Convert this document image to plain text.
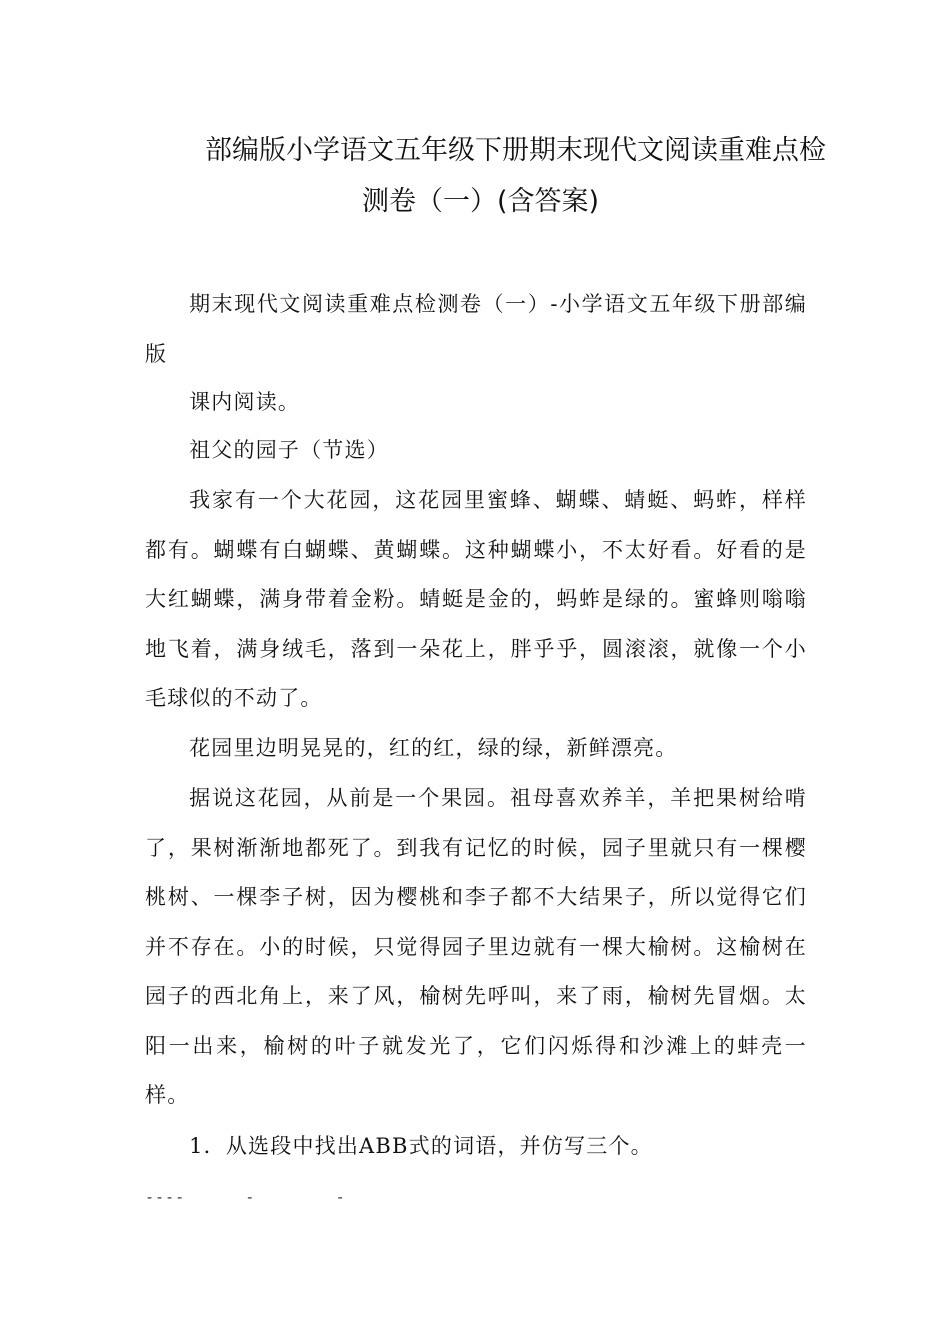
部编版小学语文五年级下册期末现代文阅读重难点检
测卷（一）(含答案)

期末现代文阅读重难点检测卷（一）-小学语文五年级下册部编版

课内阅读。

祖父的园子（节选）

我家有一个大花园，这花园里蜜蜂、蝴蝶、蜻蜓、蚂蚱，样样都有。蝴蝶有白蝴蝶、黄蝴蝶。这种蝴蝶小，不太好看。好看的是大红蝴蝶，满身带着金粉。蜻蜓是金的，蚂蚱是绿的。蜜蜂则嗡嗡地飞着，满身绒毛，落到一朵花上，胖乎乎，圆滚滚，就像一个小毛球似的不动了。

花园里边明晃晃的，红的红，绿的绿，新鲜漂亮。

据说这花园，从前是一个果园。祖母喜欢养羊，羊把果树给啃了，果树渐渐地都死了。到我有记忆的时候，园子里就只有一棵樱桃树、一棵李子树，因为樱桃和李子都不大结果子，所以觉得它们并不存在。小的时候，只觉得园子里边就有一棵大榆树。这榆树在园子的西北角上，来了风，榆树先呼叫，来了雨，榆树先冒烟。太阳一出来，榆树的叶子就发光了，它们闪烁得和沙滩上的蚌壳一样。

1．从选段中找出ABB式的词语，并仿写三个。

----      -        -
